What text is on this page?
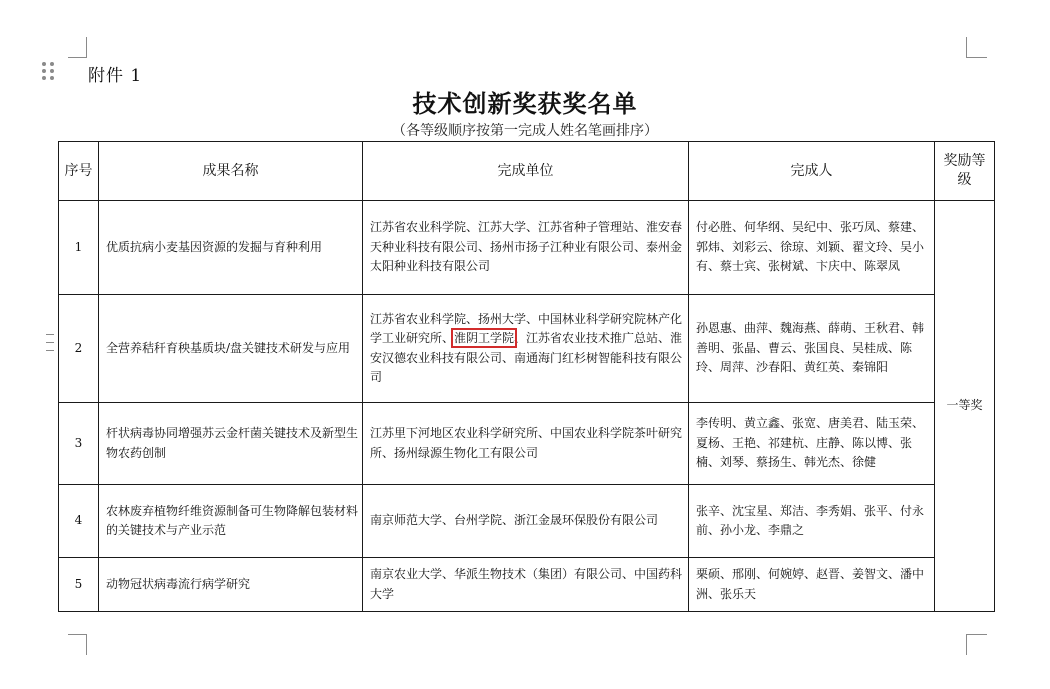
附件 1
技术创新奖获奖名单
（各等级顺序按第一完成人姓名笔画排序）
序号	成果名称	完成单位	完成人	奖励等级
1	优质抗病小麦基因资源的发掘与育种利用	江苏省农业科学院、江苏大学、江苏省种子管理站、淮安春天种业科技有限公司、扬州市扬子江种业有限公司、泰州金太阳种业科技有限公司	付必胜、何华纲、吴纪中、张巧凤、蔡建、郭炜、刘彩云、徐琼、刘颖、翟文玲、吴小有、蔡士宾、张树斌、卞庆中、陈翠凤	一等奖
2	全营养秸秆育秧基质块/盘关键技术研发与应用	江苏省农业科学院、扬州大学、中国林业科学研究院林产化学工业研究所、淮阴工学院、江苏省农业技术推广总站、淮安汉德农业科技有限公司、南通海门红杉树智能科技有限公司	孙恩惠、曲萍、魏海燕、薛萌、王秋君、韩善明、张晶、曹云、张国良、吴桂成、陈玲、周萍、沙春阳、黄红英、秦锦阳	
3	杆状病毒协同增强苏云金杆菌关键技术及新型生物农药创制	江苏里下河地区农业科学研究所、中国农业科学院茶叶研究所、扬州绿源生物化工有限公司	李传明、黄立鑫、张宽、唐美君、陆玉荣、夏杨、王艳、祁建杭、庄静、陈以博、张楠、刘琴、蔡扬生、韩光杰、徐健	
4	农林废弃植物纤维资源制备可生物降解包装材料的关键技术与产业示范	南京师范大学、台州学院、浙江金晟环保股份有限公司	张辛、沈宝星、郑洁、李秀娟、张平、付永前、孙小龙、李鼎之	
5	动物冠状病毒流行病学研究	南京农业大学、华派生物技术（集团）有限公司、中国药科大学	栗硕、邢刚、何婉婷、赵晋、姜智文、潘中洲、张乐天	
